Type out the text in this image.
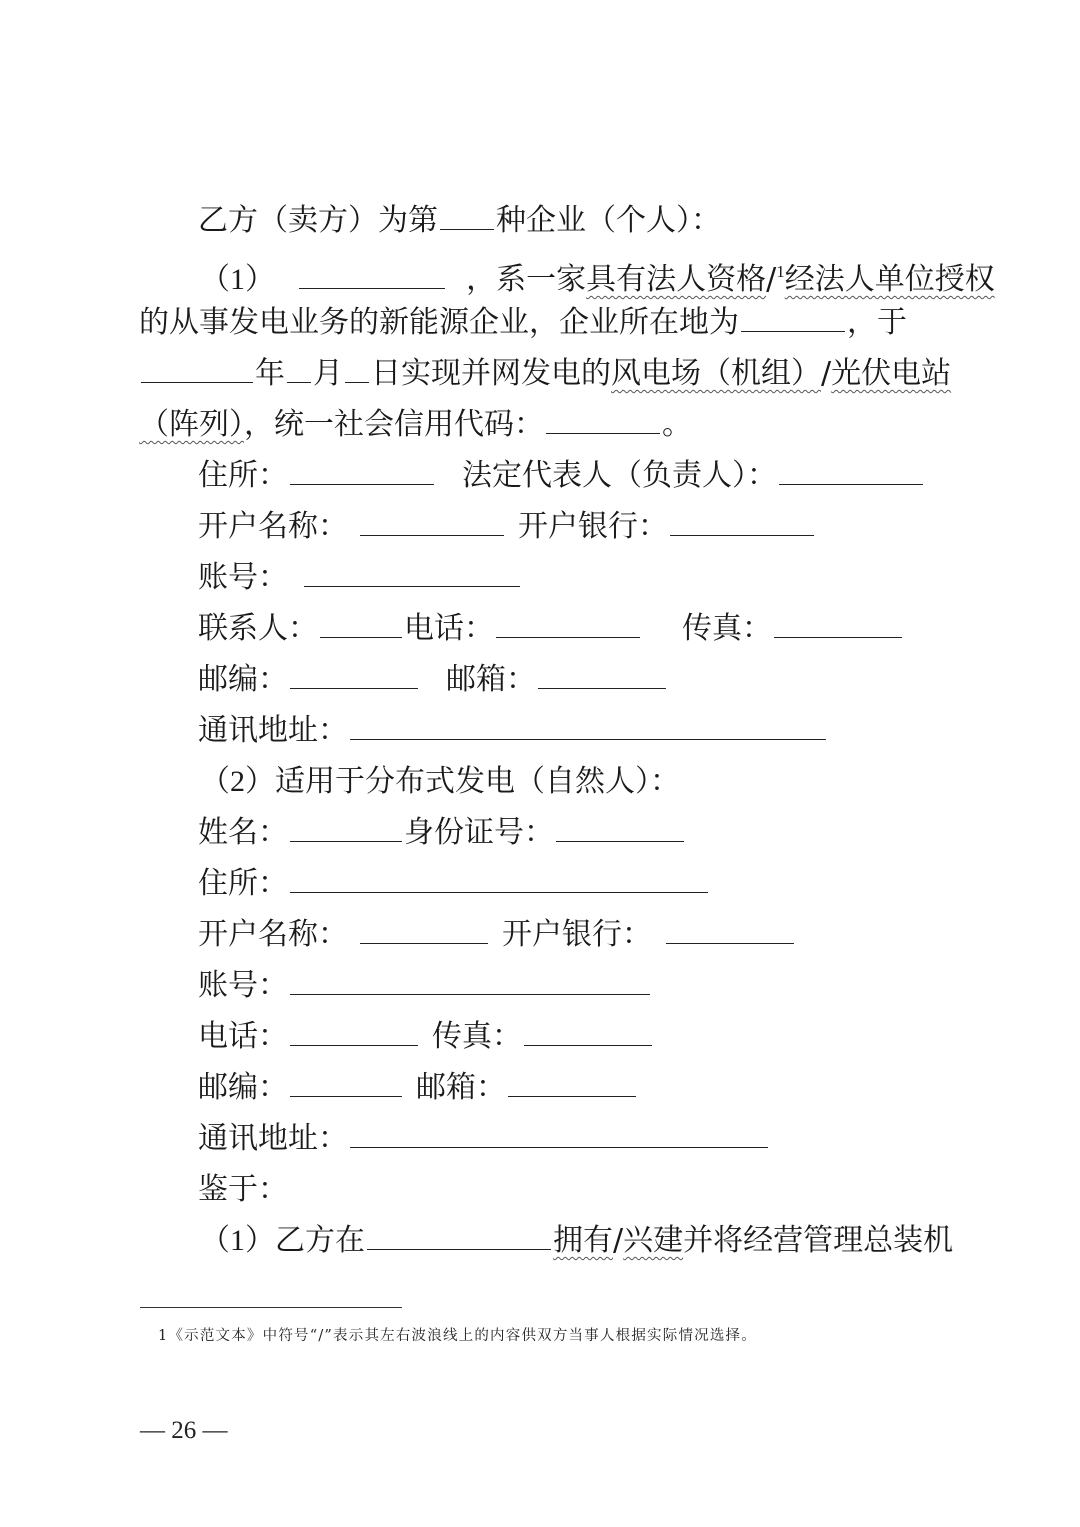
乙方（卖方）为第 种企业（个人）：
（1）	，系一家具有法人资格/$^1$经法人单位授权
的从事发电业务的新能源企业，企业所在地为	，于
年 月 日实现并网发电的风电场（机组）/光伏电站
（阵列），统一社会信用代码：	。
住所：	法定代表人（负责人）：
开户名称：	开户银行：
账号：
联系人：	电话：	传真：
邮编：	邮箱：
通讯地址：
（2）适用于分布式发电（自然人）：
姓名：	身份证号：
住所：
开户名称：	开户银行：
账号：
电话：	传真：
邮编：	邮箱：
通讯地址：
鉴于：
（1）乙方在	拥有/兴建并将经营管理总装机
1《示范文本》中符号“/”表示其左右波浪线上的内容供双方当事人根据实际情况选择。
— 26 —
